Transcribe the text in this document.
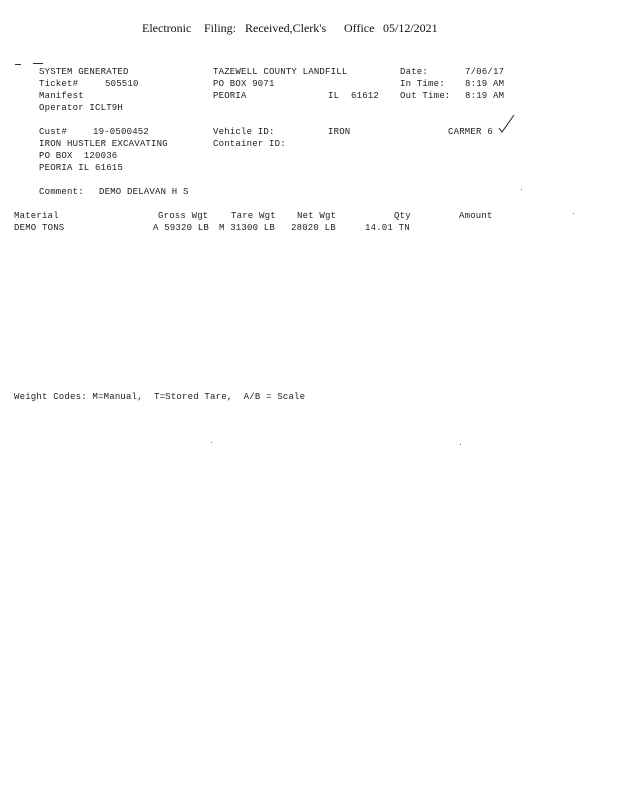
Electronic Filing: Received,Clerk's Office 05/12/2021
SYSTEM GENERATED
Ticket#	505510
Manifest
Operator ICLT9H
TAZEWELL COUNTY LANDFILL
PO BOX 9071
PEORIA	IL 61612
Date:	7/06/17
In Time: 8:19 AM
Out Time: 8:19 AM
Cust#	19-0500452	Vehicle ID:	IRON	CARMER 6
IRON HUSTLER EXCAVATING	Container ID:
PO BOX  120036
PEORIA IL 61615
Comment: DEMO DELAVAN H S
Material	Gross Wgt	Tare Wgt Net Wgt	Qty	Amount
DEMO TONS	A 59320 LB M 31300 LB 28020 LB	14.01 TN
Weight Codes: M=Manual,  T=Stored Tare,  A/B = Scale
